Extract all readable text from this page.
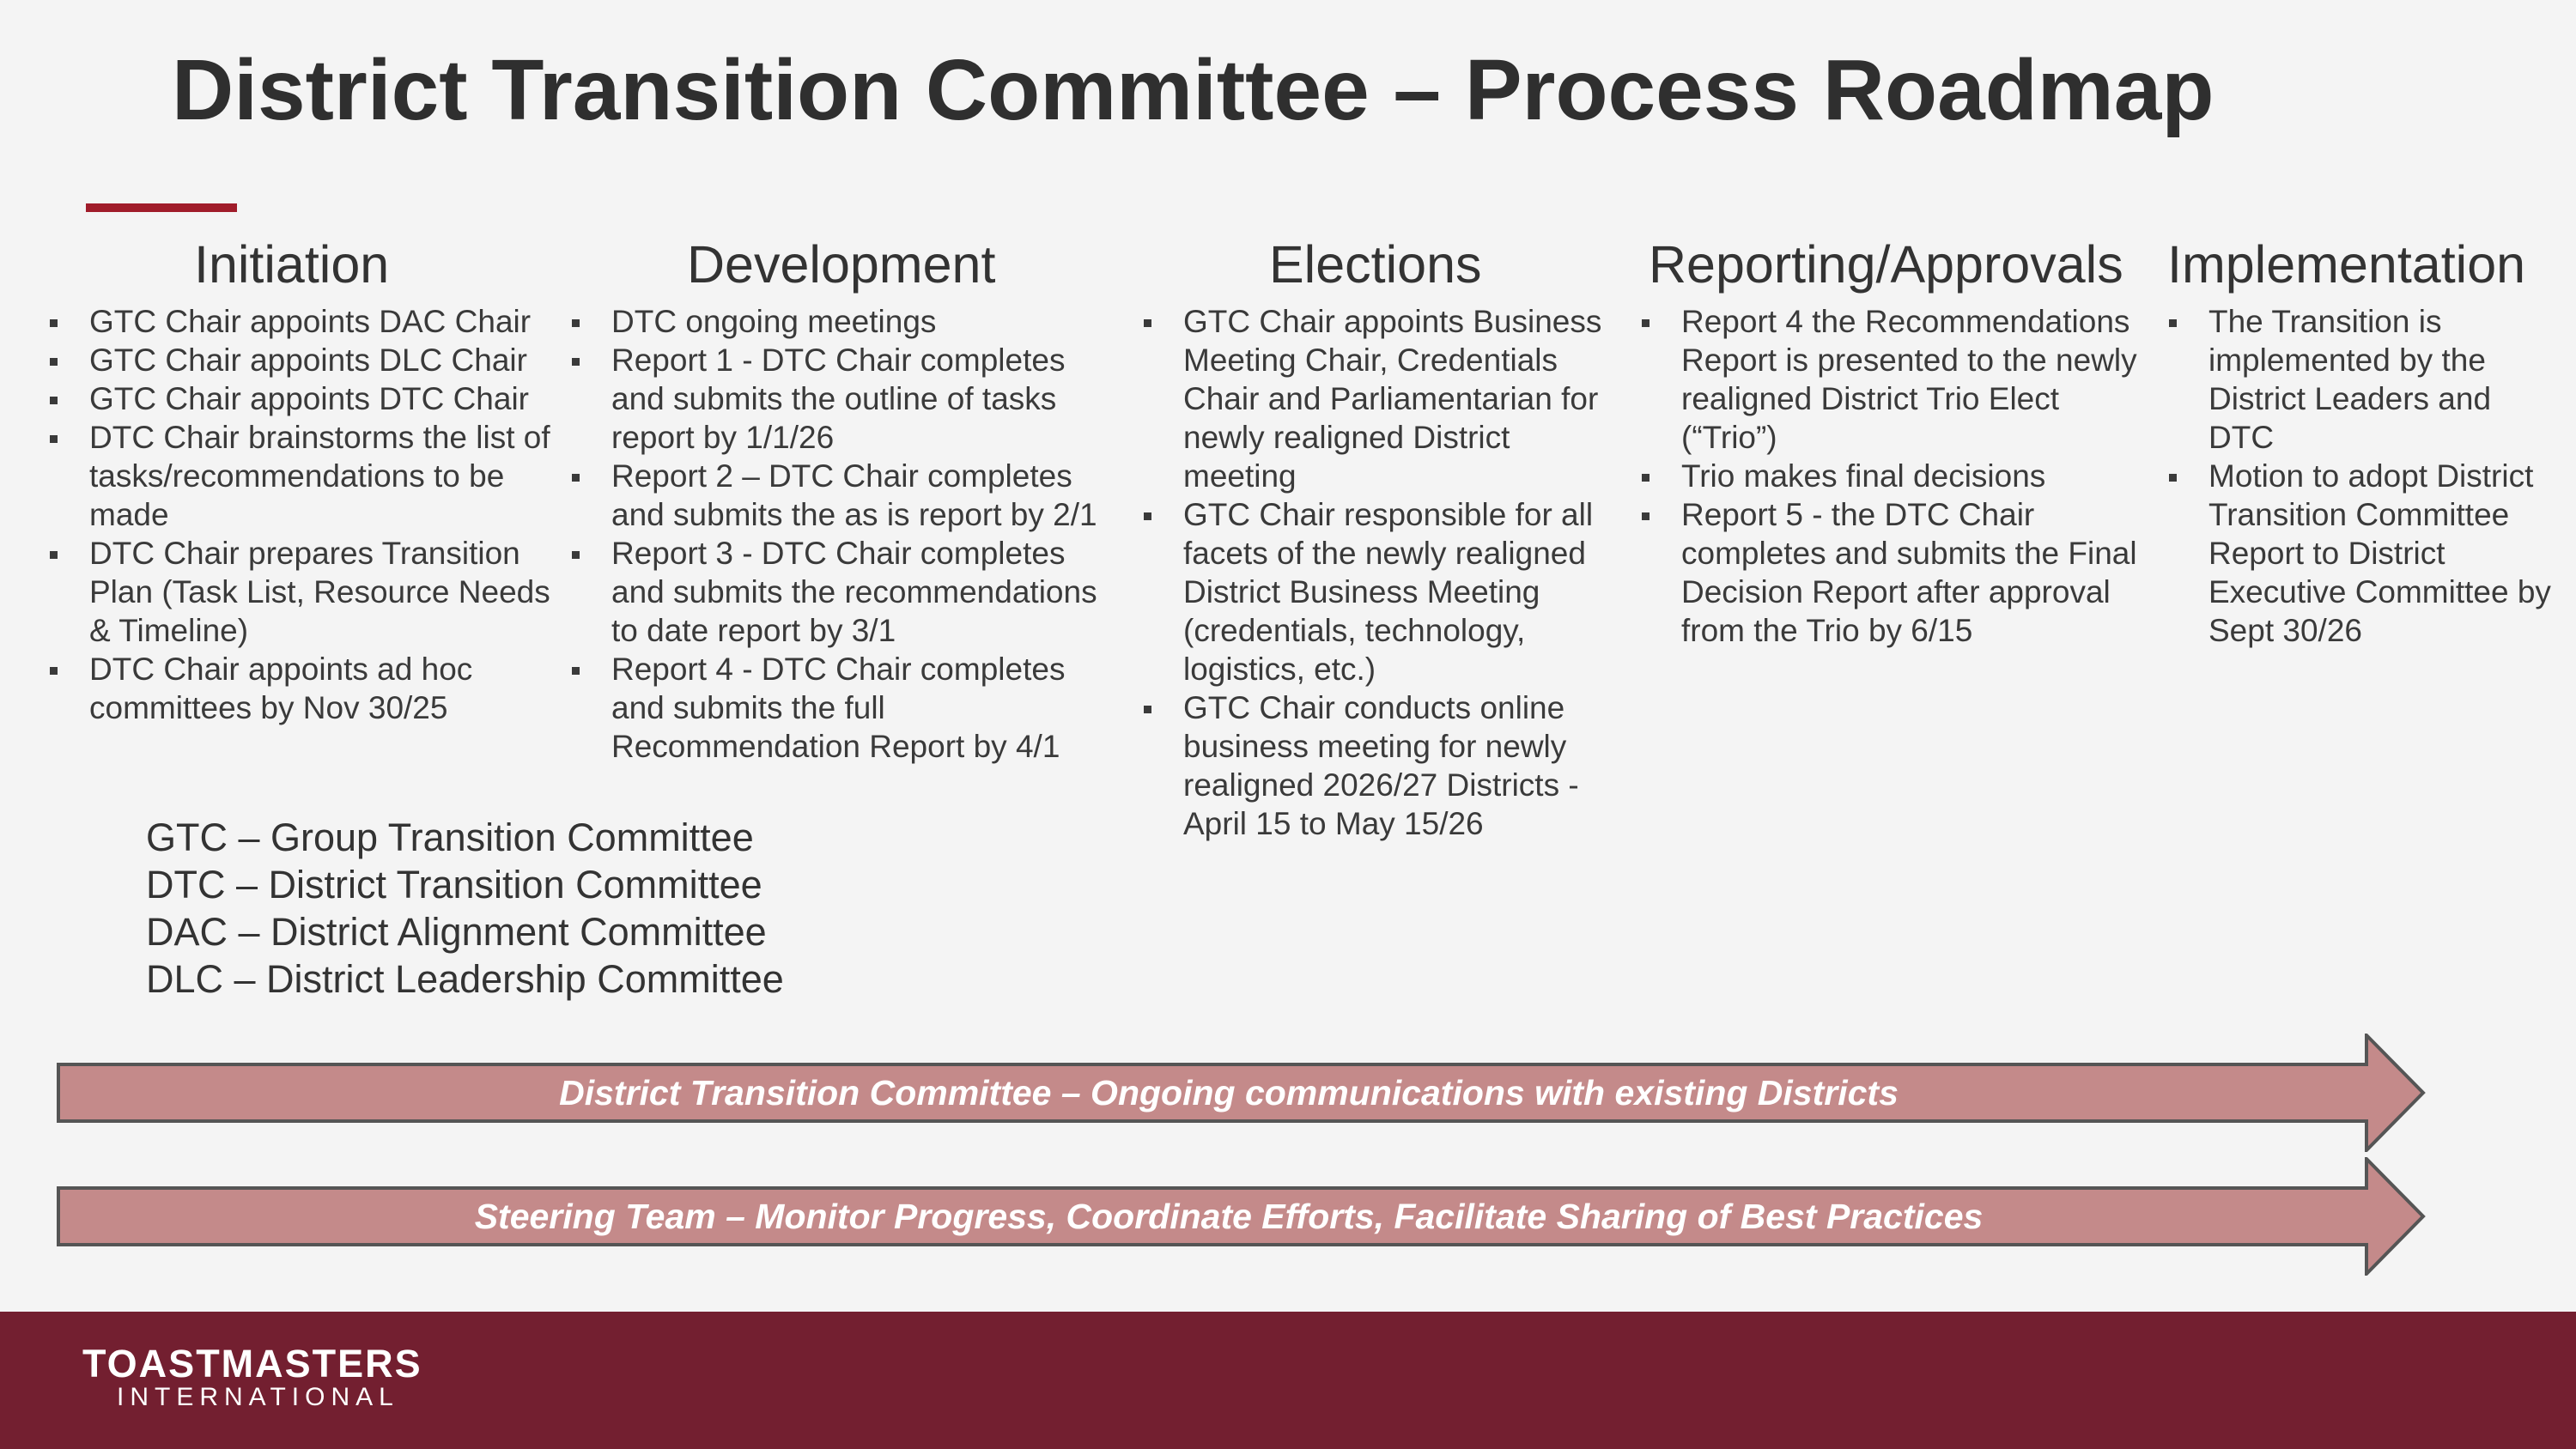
District Transition Committee – Process Roadmap
Initiation
GTC Chair appoints DAC Chair
GTC Chair appoints DLC Chair
GTC Chair appoints DTC Chair
DTC Chair brainstorms the list of tasks/recommendations to be made
DTC Chair prepares Transition Plan (Task List, Resource Needs & Timeline)
DTC Chair appoints ad hoc committees by Nov 30/25
Development
DTC ongoing meetings
Report 1 - DTC Chair completes and submits the outline of tasks report by 1/1/26
Report 2 – DTC Chair completes and submits the as is report by 2/1
Report 3 - DTC Chair completes and submits the recommendations to date report by 3/1
Report 4 - DTC Chair completes and submits the full Recommendation Report by 4/1
Elections
GTC Chair appoints Business Meeting Chair, Credentials Chair and Parliamentarian for newly realigned District meeting
GTC Chair responsible for all facets of the newly realigned District Business Meeting (credentials, technology, logistics, etc.)
GTC Chair conducts online business meeting for newly realigned 2026/27 Districts - April 15 to May 15/26
Reporting/Approvals
Report 4 the Recommendations Report is presented to the newly realigned District Trio Elect (“Trio”)
Trio makes final decisions
Report 5 - the DTC Chair completes and submits the Final Decision Report after approval from the Trio by 6/15
Implementation
The Transition is implemented by the District Leaders and DTC
Motion to adopt District Transition Committee Report to District Executive Committee by Sept 30/26
GTC – Group Transition Committee
DTC – District Transition Committee
DAC – District Alignment Committee
DLC – District Leadership Committee
District Transition Committee – Ongoing communications with existing Districts
Steering Team – Monitor Progress, Coordinate Efforts, Facilitate Sharing of Best Practices
TOASTMASTERS
INTERNATIONAL
